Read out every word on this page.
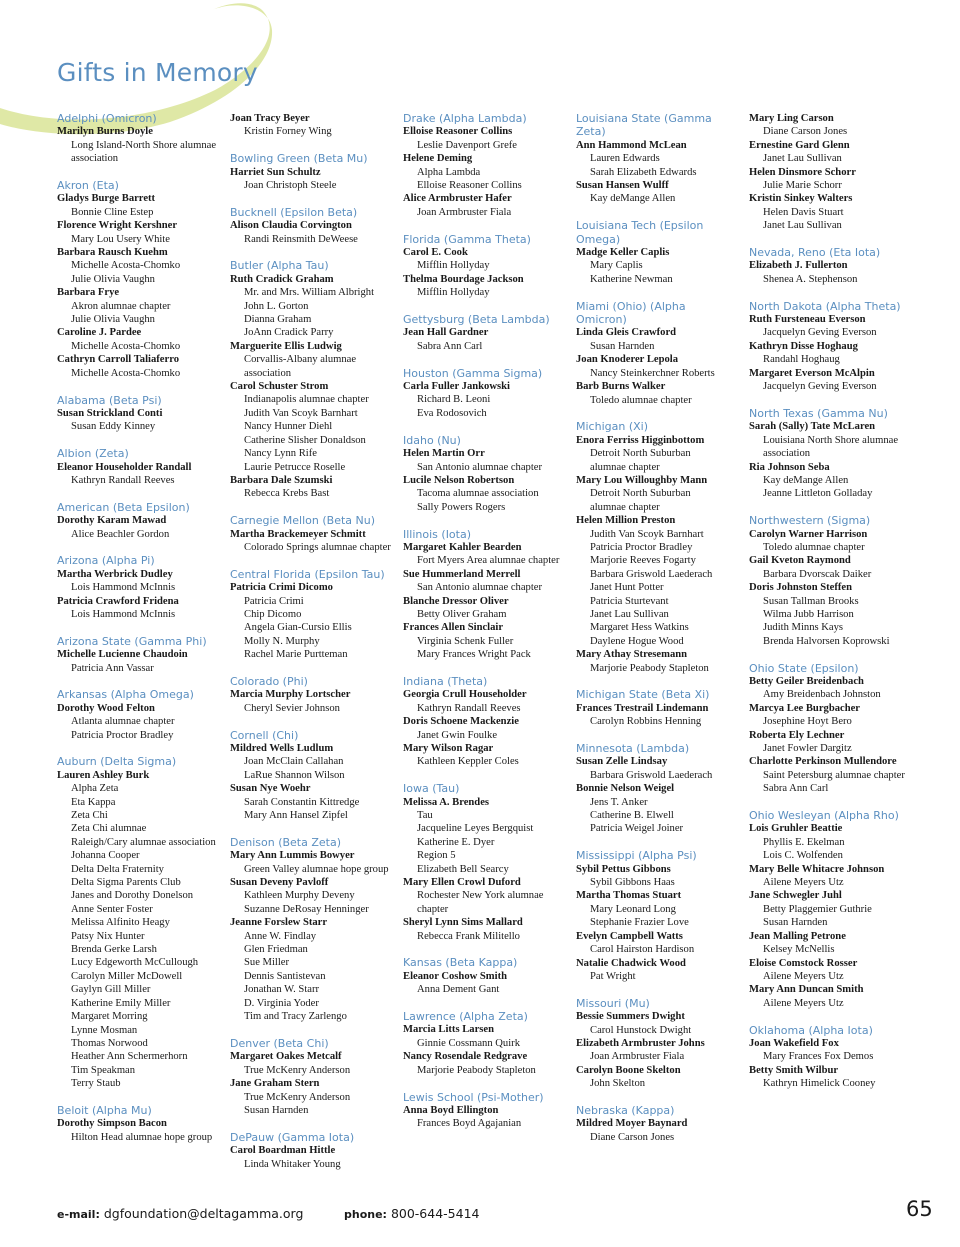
Gifts in Memory
Adelphi (Omicron)
Marilyn Burns Doyle
Long Island-North Shore alumnae association
Akron (Eta)
Gladys Burge Barrett
Bonnie Cline Estep
Florence Wright Kershner
Mary Lou Usery White
Barbara Rausch Kuehm
Michelle Acosta-Chomko
Julie Olivia Vaughn
Barbara Frye
Akron alumnae chapter
Julie Olivia Vaughn
Caroline J. Pardee
Michelle Acosta-Chomko
Cathryn Carroll Taliaferro
Michelle Acosta-Chomko
Alabama (Beta Psi)
Susan Strickland Conti
Susan Eddy Kinney
Albion (Zeta)
Eleanor Householder Randall
Kathryn Randall Reeves
American (Beta Epsilon)
Dorothy Karam Mawad
Alice Beachler Gordon
Arizona (Alpha Pi)
Martha Werbrick Dudley
Lois Hammond McInnis
Patricia Crawford Fridena
Lois Hammond McInnis
Arizona State (Gamma Phi)
Michelle Lucienne Chaudoin
Patricia Ann Vassar
Arkansas (Alpha Omega)
Dorothy Wood Felton
Atlanta alumnae chapter
Patricia Proctor Bradley
Auburn (Delta Sigma)
Lauren Ashley Burk
Alpha Zeta
Eta Kappa
Zeta Chi
Zeta Chi alumnae
Raleigh/Cary alumnae association
Johanna Cooper
Delta Delta Fraternity
Delta Sigma Parents Club
Janes and Dorothy Donelson
Anne Senter Foster
Melissa Alfinito Heagy
Patsy Nix Hunter
Brenda Gerke Larsh
Lucy Edgeworth McCullough
Carolyn Miller McDowell
Gaylyn Gill Miller
Katherine Emily Miller
Margaret Morring
Lynne Mosman
Thomas Norwood
Heather Ann Schermerhorn
Tim Speakman
Terry Staub
Beloit (Alpha Mu)
Dorothy Simpson Bacon
Hilton Head alumnae hope group
Joan Tracy Beyer
Kristin Forney Wing
Bowling Green (Beta Mu)
Harriet Sun Schultz
Joan Christoph Steele
Bucknell (Epsilon Beta)
Alison Claudia Corvington
Randi Reinsmith DeWeese
Butler (Alpha Tau)
Ruth Cradick Graham
Mr. and Mrs. William Albright
John L. Gorton
Dianna Graham
JoAnn Cradick Parry
Marguerite Ellis Ludwig
Corvallis-Albany alumnae association
Carol Schuster Strom
Indianapolis alumnae chapter
Judith Van Scoyk Barnhart
Nancy Hunner Diehl
Catherine Slisher Donaldson
Nancy Lynn Rife
Laurie Petrucce Roselle
Barbara Dale Szumski
Rebecca Krebs Bast
Carnegie Mellon (Beta Nu)
Martha Brackemeyer Schmitt
Colorado Springs alumnae chapter
Central Florida (Epsilon Tau)
Patricia Crimi Dicomo
Patricia Crimi
Chip Dicomo
Angela Gian-Cursio Ellis
Molly N. Murphy
Rachel Marie Purtteman
Colorado (Phi)
Marcia Murphy Lortscher
Cheryl Sevier Johnson
Cornell (Chi)
Mildred Wells Ludlum
Joan McClain Callahan
LaRue Shannon Wilson
Susan Nye Woehr
Sarah Constantin Kittredge
Mary Ann Hansel Zipfel
Denison (Beta Zeta)
Mary Ann Lummis Bowyer
Green Valley alumnae hope group
Susan Deveny Pavloff
Kathleen Murphy Deveny
Suzanne DeRosay Henninger
Jeanne Forslew Starr
Anne W. Findlay
Glen Friedman
Sue Miller
Dennis Santistevan
Jonathan W. Starr
D. Virginia Yoder
Tim and Tracy Zarlengo
Denver (Beta Chi)
Margaret Oakes Metcalf
True McKenry Anderson
Jane Graham Stern
True McKenry Anderson
Susan Harnden
DePauw (Gamma Iota)
Carol Boardman Hittle
Linda Whitaker Young
Drake (Alpha Lambda)
Elloise Reasoner Collins
Leslie Davenport Grefe
Helene Deming
Alpha Lambda
Elloise Reasoner Collins
Alice Armbruster Hafer
Joan Armbruster Fiala
Florida (Gamma Theta)
Carol E. Cook
Mifflin Hollyday
Thelma Bourdage Jackson
Mifflin Hollyday
Gettysburg (Beta Lambda)
Jean Hall Gardner
Sabra Ann Carl
Houston (Gamma Sigma)
Carla Fuller Jankowski
Richard B. Leoni
Eva Rodosovich
Idaho (Nu)
Helen Martin Orr
San Antonio alumnae chapter
Lucile Nelson Robertson
Tacoma alumnae association
Sally Powers Rogers
Illinois (Iota)
Margaret Kahler Bearden
Fort Myers Area alumnae chapter
Sue Hummerland Merrell
San Antonio alumnae chapter
Blanche Dressor Oliver
Betty Oliver Graham
Frances Allen Sinclair
Virginia Schenk Fuller
Mary Frances Wright Pack
Indiana (Theta)
Georgia Crull Householder
Kathryn Randall Reeves
Doris Schoene Mackenzie
Janet Gwin Foulke
Mary Wilson Ragar
Kathleen Keppler Coles
Iowa (Tau)
Melissa A. Brendes
Tau
Jacqueline Leyes Bergquist
Katherine E. Dyer
Region 5
Elizabeth Bell Searcy
Mary Ellen Crowl Duford
Rochester New York alumnae chapter
Sheryl Lynn Sims Mallard
Rebecca Frank Militello
Kansas (Beta Kappa)
Eleanor Coshow Smith
Anna Dement Gant
Lawrence (Alpha Zeta)
Marcia Litts Larsen
Ginnie Cossmann Quirk
Nancy Rosendale Redgrave
Marjorie Peabody Stapleton
Lewis School (Psi-Mother)
Anna Boyd Ellington
Frances Boyd Agajanian
Louisiana State (Gamma Zeta)
Ann Hammond McLean
Lauren Edwards
Sarah Elizabeth Edwards
Susan Hansen Wulff
Kay deMange Allen
Louisiana Tech (Epsilon Omega)
Madge Keller Caplis
Mary Caplis
Katherine Newman
Miami (Ohio) (Alpha Omicron)
Linda Gleis Crawford
Susan Harnden
Joan Knoderer Lepola
Nancy Steinkerchner Roberts
Barb Burns Walker
Toledo alumnae chapter
Michigan (Xi)
Enora Ferriss Higginbottom
Detroit North Suburban alumnae chapter
Mary Lou Willoughby Mann
Detroit North Suburban alumnae chapter
Helen Million Preston
Judith Van Scoyk Barnhart
Patricia Proctor Bradley
Marjorie Reeves Fogarty
Barbara Griswold Laederach
Janet Hunt Potter
Patricia Sturtevant
Janet Lau Sullivan
Margaret Hess Watkins
Daylene Hogue Wood
Mary Athay Stresemann
Marjorie Peabody Stapleton
Michigan State (Beta Xi)
Frances Trestrail Lindemann
Carolyn Robbins Henning
Minnesota (Lambda)
Susan Zelle Lindsay
Barbara Griswold Laederach
Bonnie Nelson Weigel
Jens T. Anker
Catherine B. Elwell
Patricia Weigel Joiner
Mississippi (Alpha Psi)
Sybil Pettus Gibbons
Sybil Gibbons Haas
Martha Thomas Stuart
Mary Leonard Long
Stephanie Frazier Love
Evelyn Campbell Watts
Carol Hairston Hardison
Natalie Chadwick Wood
Pat Wright
Missouri (Mu)
Bessie Summers Dwight
Carol Hunstock Dwight
Elizabeth Armbruster Johns
Joan Armbruster Fiala
Carolyn Boone Skelton
John Skelton
Nebraska (Kappa)
Mildred Moyer Baynard
Diane Carson Jones
Mary Ling Carson
Diane Carson Jones
Ernestine Gard Glenn
Janet Lau Sullivan
Helen Dinsmore Schorr
Julie Marie Schorr
Kristin Sinkey Walters
Helen Davis Stuart
Janet Lau Sullivan
Nevada, Reno (Eta Iota)
Elizabeth J. Fullerton
Shenea A. Stephenson
North Dakota (Alpha Theta)
Ruth Fursteneau Everson
Jacquelyn Geving Everson
Kathryn Disse Hoghaug
Randahl Hoghaug
Margaret Everson McAlpin
Jacquelyn Geving Everson
North Texas (Gamma Nu)
Sarah (Sally) Tate McLaren
Louisiana North Shore alumnae association
Ria Johnson Seba
Kay deMange Allen
Jeanne Littleton Golladay
Northwestern (Sigma)
Carolyn Warner Harrison
Toledo alumnae chapter
Gail Kveton Raymond
Barbara Dvorscak Daiker
Doris Johnston Steffen
Susan Tallman Brooks
Wilma Jubb Harrison
Judith Minns Kays
Brenda Halvorsen Koprowski
Ohio State (Epsilon)
Betty Geiler Breidenbach
Amy Breidenbach Johnston
Marcya Lee Burgbacher
Josephine Hoyt Bero
Roberta Ely Lechner
Janet Fowler Dargitz
Charlotte Perkinson Mullendore
Saint Petersburg alumnae chapter
Sabra Ann Carl
Ohio Wesleyan (Alpha Rho)
Lois Gruhler Beattie
Phyllis E. Ekelman
Lois C. Wolfenden
Mary Belle Whitacre Johnson
Ailene Meyers Utz
Jane Schwegler Juhl
Betty Plaggemier Guthrie
Susan Harnden
Jean Malling Petrone
Kelsey McNellis
Eloise Comstock Rosser
Ailene Meyers Utz
Mary Ann Duncan Smith
Ailene Meyers Utz
Oklahoma (Alpha Iota)
Joan Wakefield Fox
Mary Frances Fox Demos
Betty Smith Wilbur
Kathryn Himelick Cooney
e-mail: dgfoundation@deltagamma.org	phone: 800-644-5414	65
